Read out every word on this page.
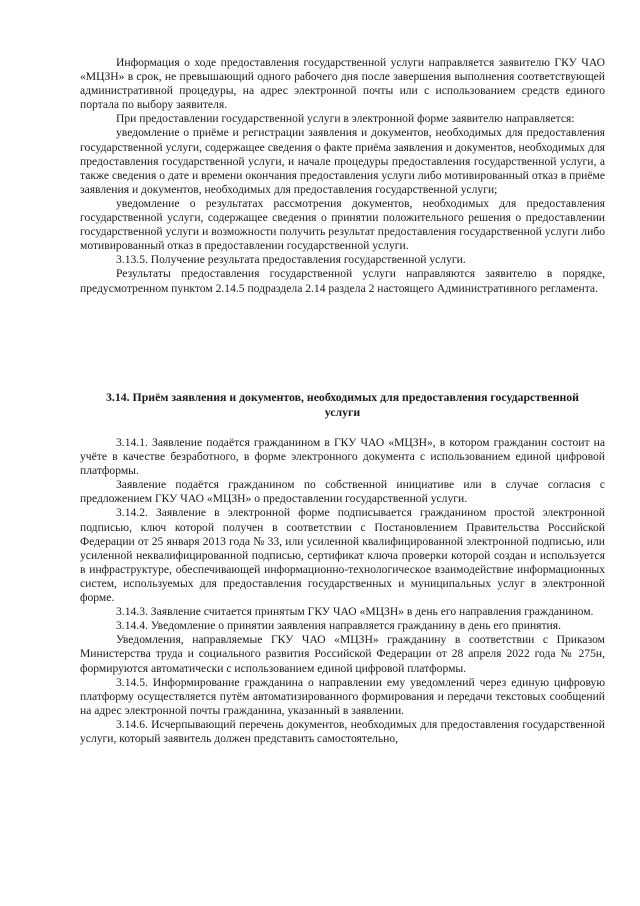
Информация о ходе предоставления государственной услуги направляется заявителю ГКУ ЧАО «МЦЗН» в срок, не превышающий одного рабочего дня после завершения выполнения соответствующей административной процедуры, на адрес электронной почты или с использованием средств единого портала по выбору заявителя.

При предоставлении государственной услуги в электронной форме заявителю направляется:

уведомление о приёме и регистрации заявления и документов, необходимых для предоставления государственной услуги, содержащее сведения о факте приёма заявления и документов, необходимых для предоставления государственной услуги, и начале процедуры предоставления государственной услуги, а также сведения о дате и времени окончания предоставления услуги либо мотивированный отказ в приёме заявления и документов, необходимых для предоставления государственной услуги;

уведомление о результатах рассмотрения документов, необходимых для предоставления государственной услуги, содержащее сведения о принятии положительного решения о предоставлении государственной услуги и возможности получить результат предоставления государственной услуги либо мотивированный отказ в предоставлении государственной услуги.

3.13.5. Получение результата предоставления государственной услуги.

Результаты предоставления государственной услуги направляются заявителю в порядке, предусмотренном пунктом 2.14.5 подраздела 2.14 раздела 2 настоящего Административного регламента.

3.14. Приём заявления и документов, необходимых для предоставления государственной услуги

3.14.1. Заявление подаётся гражданином в ГКУ ЧАО «МЦЗН», в котором гражданин состоит на учёте в качестве безработного, в форме электронного документа с использованием единой цифровой платформы.

Заявление подаётся гражданином по собственной инициативе или в случае согласия с предложением ГКУ ЧАО «МЦЗН» о предоставлении государственной услуги.

3.14.2. Заявление в электронной форме подписывается гражданином простой электронной подписью, ключ которой получен в соответствии с Постановлением Правительства Российской Федерации от 25 января 2013 года № 33, или усиленной квалифицированной электронной подписью, или усиленной неквалифицированной подписью, сертификат ключа проверки которой создан и используется в инфраструктуре, обеспечивающей информационно-технологическое взаимодействие информационных систем, используемых для предоставления государственных и муниципальных услуг в электронной форме.

3.14.3. Заявление считается принятым ГКУ ЧАО «МЦЗН» в день его направления гражданином.

3.14.4. Уведомление о принятии заявления направляется гражданину в день его принятия.

Уведомления, направляемые ГКУ ЧАО «МЦЗН» гражданину в соответствии с Приказом Министерства труда и социального развития Российской Федерации от 28 апреля 2022 года № 275н, формируются автоматически с использованием единой цифровой платформы.

3.14.5. Информирование гражданина о направлении ему уведомлений через единую цифровую платформу осуществляется путём автоматизированного формирования и передачи текстовых сообщений на адрес электронной почты гражданина, указанный в заявлении.

3.14.6. Исчерпывающий перечень документов, необходимых для предоставления государственной услуги, который заявитель должен представить самостоятельно,
